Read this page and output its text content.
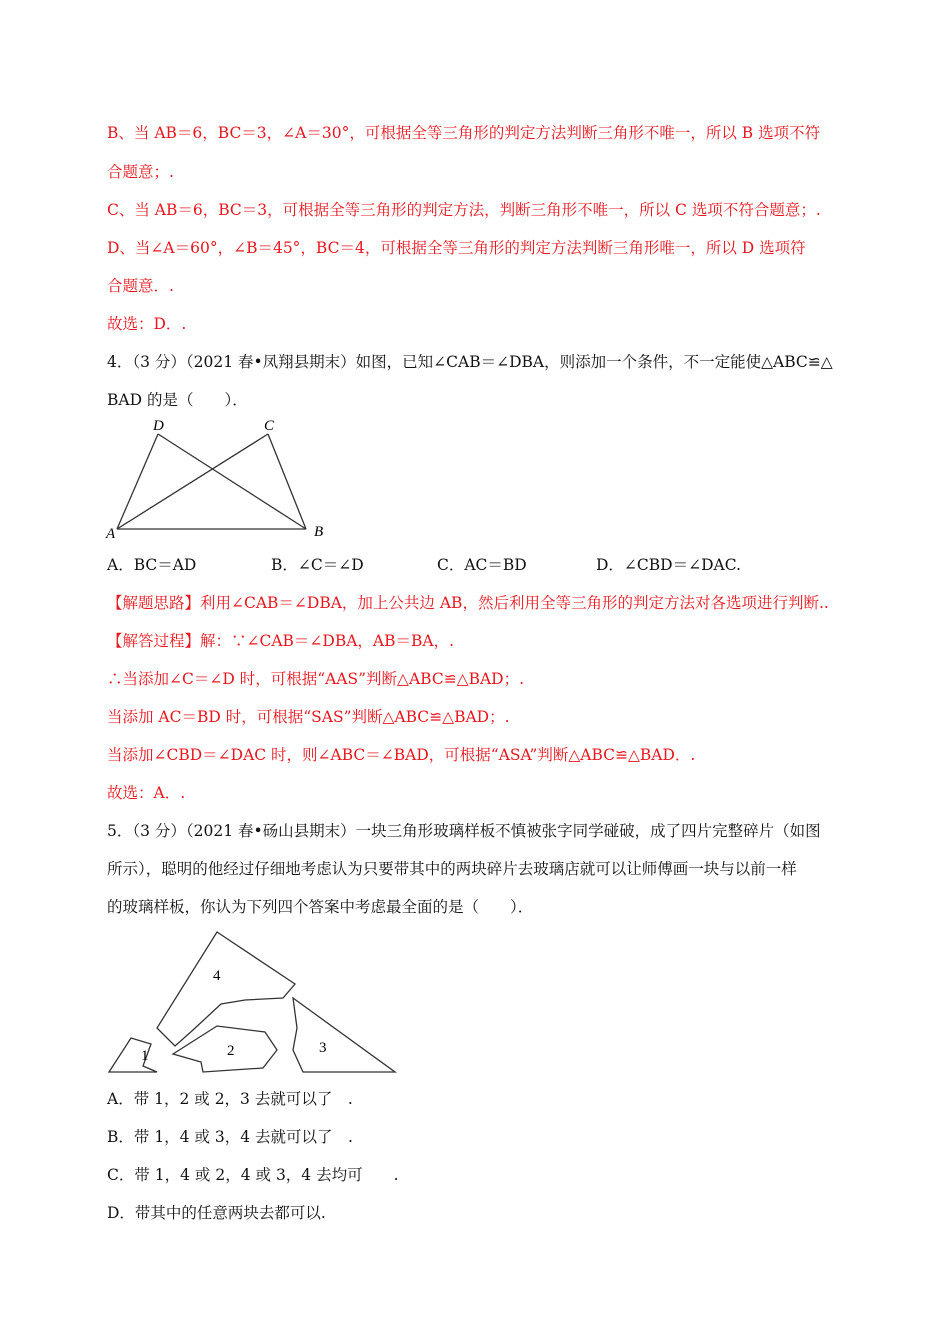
B、当 AB＝6，BC＝3，∠A＝30°，可根据全等三角形的判定方法判断三角形不唯一，所以 B 选项不符
合题意；.
C、当 AB＝6，BC＝3，可根据全等三角形的判定方法，判断三角形不唯一，所以 C 选项不符合题意；.
D、当∠A＝60°，∠B＝45°，BC＝4，可根据全等三角形的判定方法判断三角形唯一，所以 D 选项符
合题意．.
故选：D．.
4．（3 分）（2021 春•凤翔县期末）如图，已知∠CAB＝∠DBA，则添加一个条件，不一定能使△ABC≌△
BAD 的是（　　）．
D	C
A	B
A．BC＝AD	B．∠C＝∠D	C．AC＝BD	D．∠CBD＝∠DAC.
【解题思路】利用∠CAB＝∠DBA，加上公共边 AB，然后利用全等三角形的判定方法对各选项进行判断..
【解答过程】解：∵∠CAB＝∠DBA，AB＝BA，.
∴当添加∠C＝∠D 时，可根据“AAS”判断△ABC≌△BAD；.
当添加 AC＝BD 时，可根据“SAS”判断△ABC≌△BAD；.
当添加∠CBD＝∠DAC 时，则∠ABC＝∠BAD，可根据“ASA”判断△ABC≌△BAD．.
故选：A．.
5．（3 分）（2021 春•砀山县期末）一块三角形玻璃样板不慎被张字同学碰破，成了四片完整碎片（如图
所示），聪明的他经过仔细地考虑认为只要带其中的两块碎片去玻璃店就可以让师傅画一块与以前一样
的玻璃样板，你认为下列四个答案中考虑最全面的是（　　）．
1	2	3
4
A．带 1，2 或 2，3 去就可以了　.
B．带 1，4 或 3，4 去就可以了　.
C．带 1，4 或 2，4 或 3，4 去均可　　.
D．带其中的任意两块去都可以.
